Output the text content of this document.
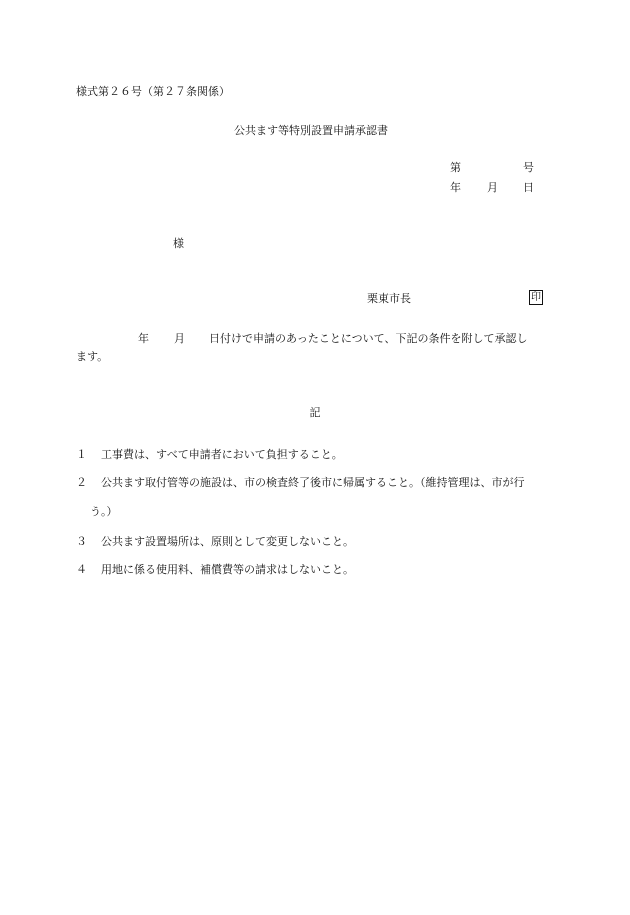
様式第２６号（第２７条関係）
公共ます等特別設置申請承認書
第	号
年 月 日
様
栗東市長	印
年 月 日付けで申請のあったことについて、下記の条件を附して承認し
ます。
記
１ 工事費は、すべて申請者において負担すること。
２ 公共ます取付管等の施設は、市の検査終了後市に帰属すること。（維持管理は、市が行
う。）
３ 公共ます設置場所は、原則として変更しないこと。
４ 用地に係る使用料、補償費等の請求はしないこと。
